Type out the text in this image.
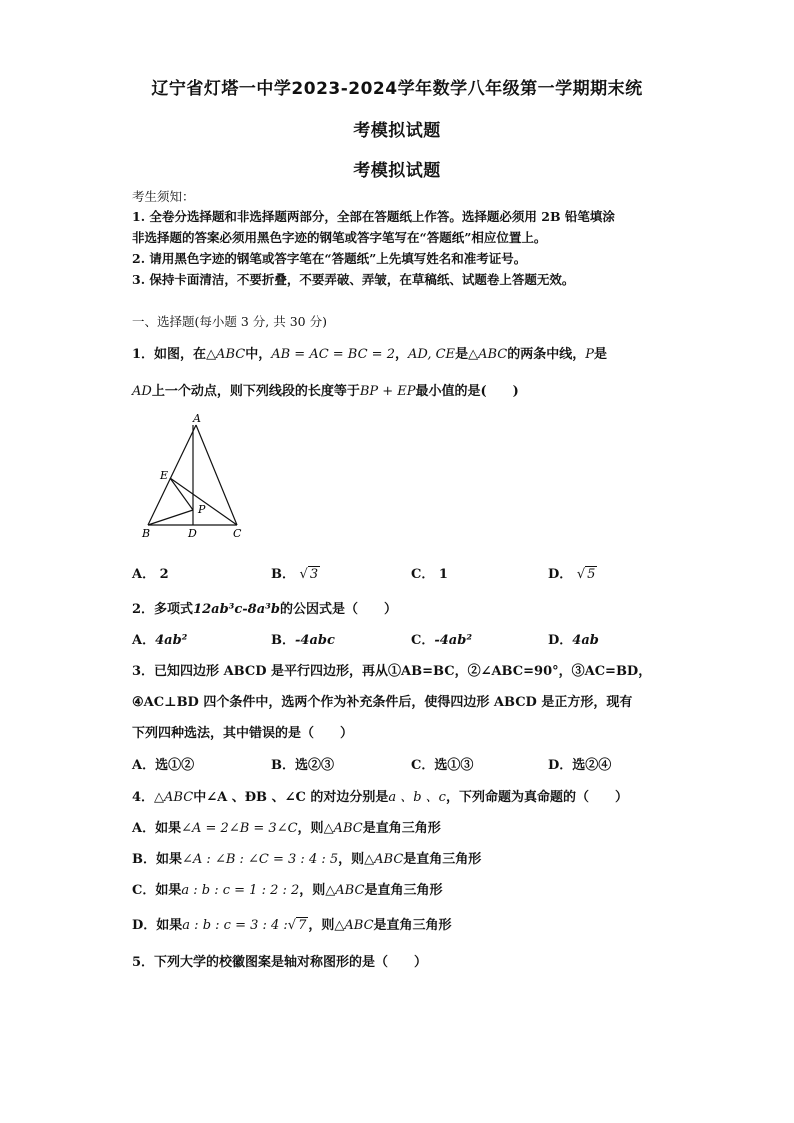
辽宁省灯塔一中学2023-2024学年数学八年级第一学期期末统
考模拟试题
考模拟试题
考生须知：
1. 全卷分选择题和非选择题两部分，全部在答题纸上作答。选择题必须用 2B 铅笔填涂
非选择题的答案必须用黑色字迹的钢笔或答字笔写在“答题纸”相应位置上。
2. 请用黑色字迹的钢笔或答字笔在“答题纸”上先填写姓名和准考证号。
3. 保持卡面清洁，不要折叠，不要弄破、弄皱，在草稿纸、试题卷上答题无效。
一、选择题(每小题 3 分, 共 30 分)
1．如图，在△ABC中，AB = AC = BC = 2，AD, CE是△ABC的两条中线，P是
AD上一个动点，则下列线段的长度等于BP + EP最小值的是(　　)
A
E
P
B	D	C
A． 2	B． √ 3	C． 1	D． √ 5
2．多项式12ab³c-8a³b的公因式是（　　）
A．4ab²	B．-4abc	C．-4ab²	D．4ab
3．已知四边形 ABCD 是平行四边形，再从①AB=BC，②∠ABC=90°，③AC=BD，
④AC⊥BD 四个条件中，选两个作为补充条件后，使得四边形 ABCD 是正方形，现有
下列四种选法，其中错误的是（　　）
A．选①②	B．选②③	C．选①③	D．选②④
4．△ABC中∠A 、ÐB 、∠C 的对边分别是a 、b 、c，下列命题为真命题的（　　）
A．如果∠A = 2∠B = 3∠C，则△ABC是直角三角形
B．如果∠A : ∠B : ∠C = 3 : 4 : 5，则△ABC是直角三角形
C．如果a : b : c = 1 : 2 : 2，则△ABC是直角三角形
D．如果a : b : c = 3 : 4 :√ 7 ，则△ABC是直角三角形
5．下列大学的校徽图案是轴对称图形的是（　　）
